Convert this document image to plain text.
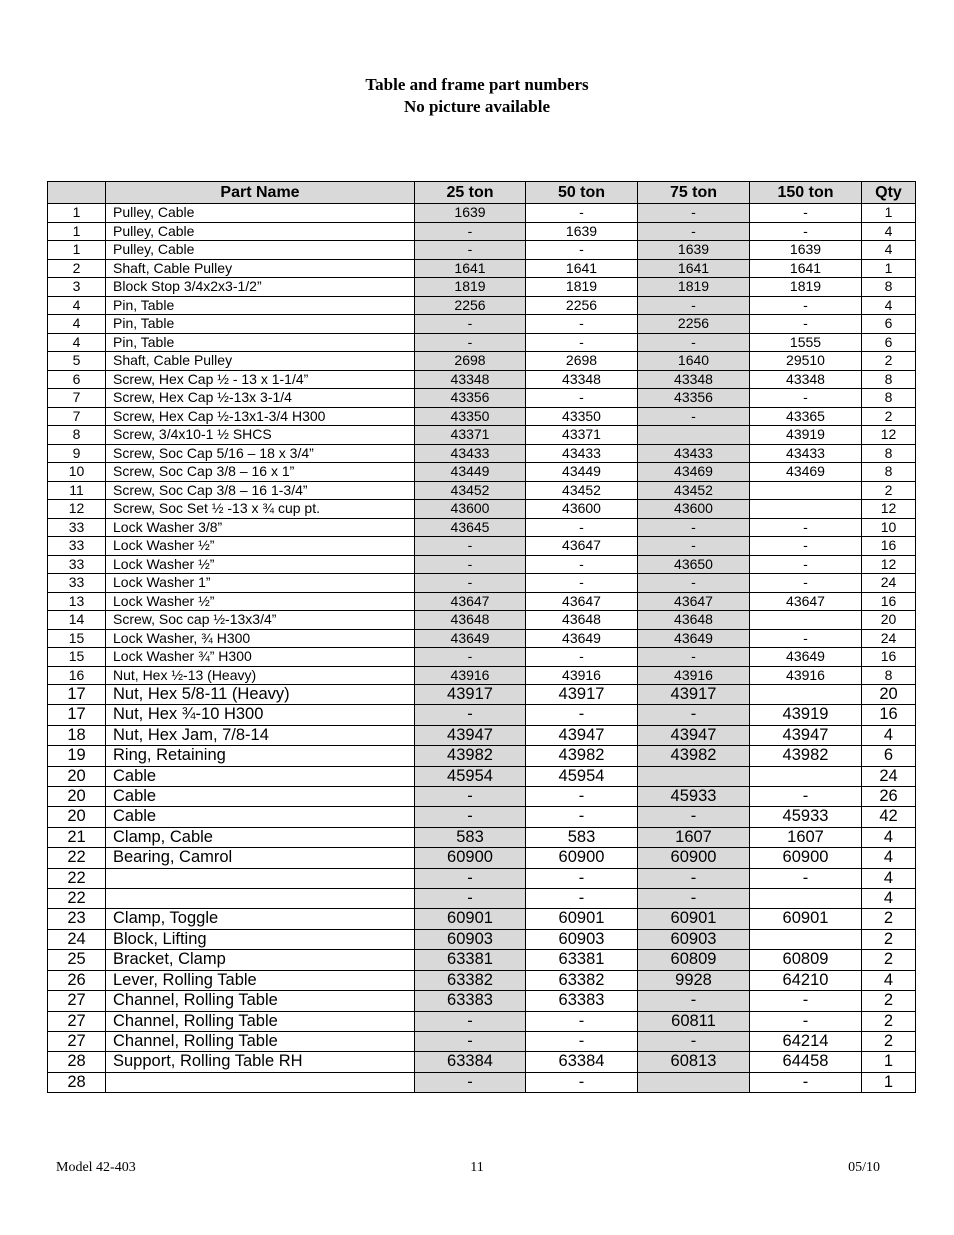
Table and frame part numbers
No picture available
	Part Name	25 ton	50 ton	75 ton	150 ton	Qty
1	Pulley, Cable	1639	-	-	-	1
1	Pulley, Cable	-	1639	-	-	4
1	Pulley, Cable	-	-	1639	1639	4
2	Shaft, Cable Pulley	1641	1641	1641	1641	1
3	Block Stop 3/4x2x3-1/2”	1819	1819	1819	1819	8
4	Pin, Table	2256	2256	-	-	4
4	Pin, Table	-	-	2256	-	6
4	Pin, Table	-	-	-	1555	6
5	Shaft, Cable Pulley	2698	2698	1640	29510	2
6	Screw, Hex Cap ½ - 13 x 1-1/4”	43348	43348	43348	43348	8
7	Screw, Hex Cap ½-13x 3-1/4	43356	-	43356	-	8
7	Screw, Hex Cap ½-13x1-3/4 H300	43350	43350	-	43365	2
8	Screw, 3/4x10-1 ½ SHCS	43371	43371		43919	12
9	Screw, Soc Cap 5/16 – 18 x 3/4”	43433	43433	43433	43433	8
10	Screw, Soc Cap 3/8 – 16 x 1”	43449	43449	43469	43469	8
11	Screw, Soc Cap 3/8 – 16 1-3/4”	43452	43452	43452		2
12	Screw, Soc Set ½ -13 x ¾ cup pt.	43600	43600	43600		12
33	Lock Washer 3/8”	43645	-	-	-	10
33	Lock Washer ½”	-	43647	-	-	16
33	Lock Washer ½”	-	-	43650	-	12
33	Lock Washer 1”	-	-	-	-	24
13	Lock Washer ½”	43647	43647	43647	43647	16
14	Screw, Soc cap ½-13x3/4”	43648	43648	43648		20
15	Lock Washer, ¾ H300	43649	43649	43649	-	24
15	Lock Washer ¾” H300	-	-	-	43649	16
16	Nut, Hex ½-13 (Heavy)	43916	43916	43916	43916	8
17	Nut, Hex 5/8-11 (Heavy)	43917	43917	43917		20
17	Nut, Hex ¾-10 H300	-	-	-	43919	16
18	Nut, Hex Jam, 7/8-14	43947	43947	43947	43947	4
19	Ring, Retaining	43982	43982	43982	43982	6
20	Cable	45954	45954			24
20	Cable	-	-	45933	-	26
20	Cable	-	-	-	45933	42
21	Clamp, Cable	583	583	1607	1607	4
22	Bearing, Camrol	60900	60900	60900	60900	4
22		-	-	-	-	4
22		-	-	-		4
23	Clamp, Toggle	60901	60901	60901	60901	2
24	Block, Lifting	60903	60903	60903		2
25	Bracket, Clamp	63381	63381	60809	60809	2
26	Lever, Rolling Table	63382	63382	9928	64210	4
27	Channel, Rolling Table	63383	63383	-	-	2
27	Channel, Rolling Table	-	-	60811	-	2
27	Channel, Rolling Table	-	-	-	64214	2
28	Support, Rolling Table RH	63384	63384	60813	64458	1
28		-	-		-	1
Model 42-403	11	05/10
